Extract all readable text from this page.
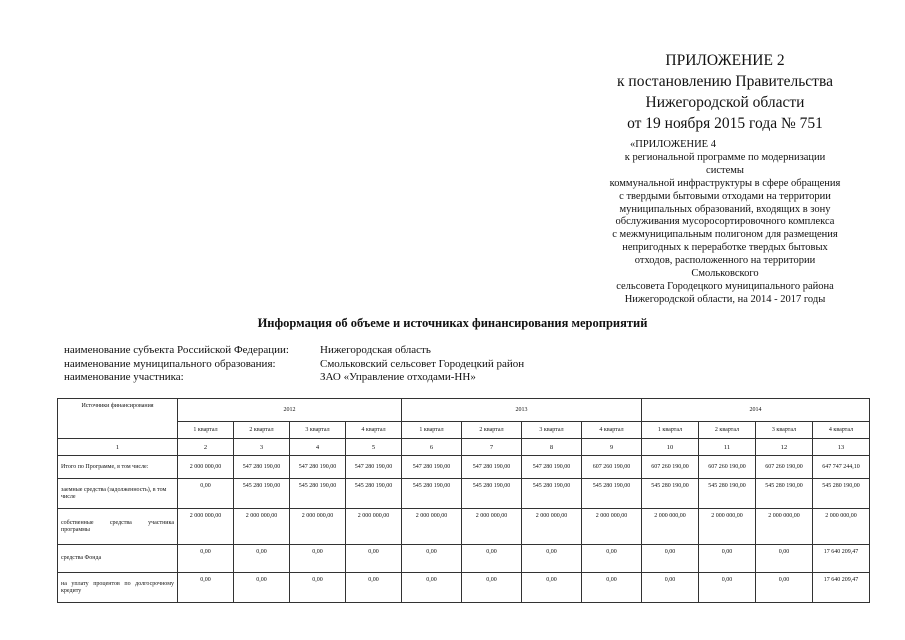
ПРИЛОЖЕНИЕ 2
к постановлению Правительства
Нижегородской области
от 19 ноября 2015 года № 751
«ПРИЛОЖЕНИЕ 4
к региональной программе по модернизации
системы
коммунальной инфраструктуры в сфере обращения
с твердыми бытовыми отходами на территории
муниципальных образований, входящих в зону
обслуживания мусоросортировочного комплекса
с межмуниципальным полигоном для размещения
непригодных к переработке твердых бытовых
отходов, расположенного на территории
Смольковского
сельсовета Городецкого муниципального района
Нижегородской области, на 2014 - 2017 годы
Информация об объеме и источниках финансирования мероприятий
наименование субъекта Российской Федерации:	Нижегородская область
наименование муниципального образования:	Смольковский сельсовет Городецкий район
наименование участника:	ЗАО «Управление отходами-НН»
Источники финансирования	2012				2013				2014			
	1 квартал	2 квартал	3 квартал	4 квартал	1 квартал	2 квартал	3 квартал	4 квартал	1 квартал	2 квартал	3 квартал	4 квартал
1	2	3	4	5	6	7	8	9	10	11	12	13
Итого по Программе, в том числе:	2 000 000,00	547 280 190,00	547 280 190,00	547 280 190,00	547 280 190,00	547 280 190,00	547 280 190,00	607 260 190,00	607 260 190,00	607 260 190,00	607 260 190,00	647 747 244,10
заемные средства (задолженность), в том числе	0,00	545 280 190,00	545 280 190,00	545 280 190,00	545 280 190,00	545 280 190,00	545 280 190,00	545 280 190,00	545 280 190,00	545 280 190,00	545 280 190,00	545 280 190,00
собственные средства участника программы	2 000 000,00	2 000 000,00	2 000 000,00	2 000 000,00	2 000 000,00	2 000 000,00	2 000 000,00	2 000 000,00	2 000 000,00	2 000 000,00	2 000 000,00	2 000 000,00
средства Фонда	0,00	0,00	0,00	0,00	0,00	0,00	0,00	0,00	0,00	0,00	0,00	17 640 209,47
на уплату процентов по долгосрочному кредиту	0,00	0,00	0,00	0,00	0,00	0,00	0,00	0,00	0,00	0,00	0,00	17 640 209,47
